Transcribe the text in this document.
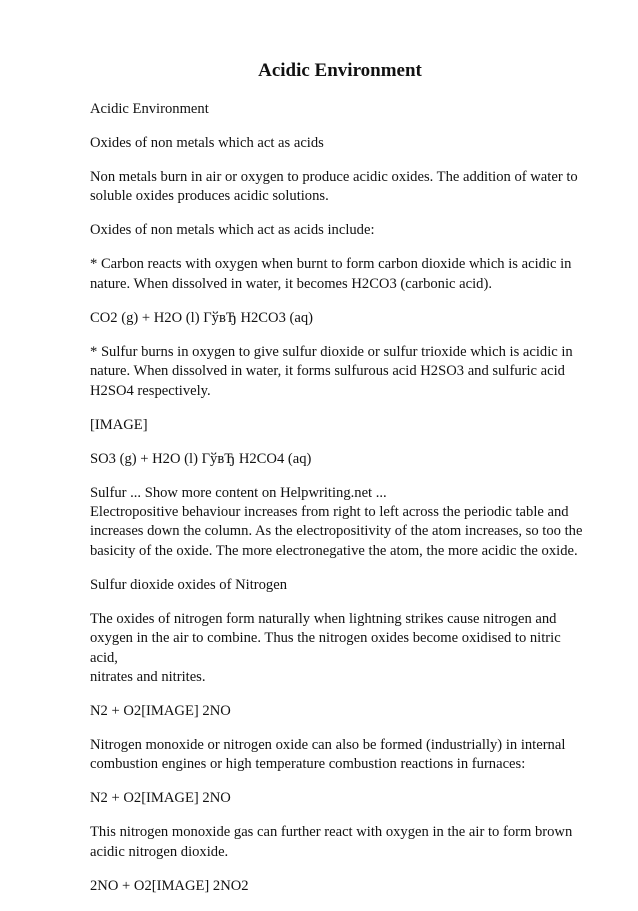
Acidic Environment
Acidic Environment
Oxides of non metals which act as acids
Non metals burn in air or oxygen to produce acidic oxides. The addition of water to
soluble oxides produces acidic solutions.
Oxides of non metals which act as acids include:
* Carbon reacts with oxygen when burnt to form carbon dioxide which is acidic in
nature. When dissolved in water, it becomes H2CO3 (carbonic acid).
CO2 (g) + H2O (l) ГўвЂ H2CO3 (aq)
* Sulfur burns in oxygen to give sulfur dioxide or sulfur trioxide which is acidic in
nature. When dissolved in water, it forms sulfurous acid H2SO3 and sulfuric acid
H2SO4 respectively.
[IMAGE]
SO3 (g) + H2O (l) ГўвЂ H2CO4 (aq)
Sulfur ... Show more content on Helpwriting.net ...
Electropositive behaviour increases from right to left across the periodic table and
increases down the column. As the electropositivity of the atom increases, so too the
basicity of the oxide. The more electronegative the atom, the more acidic the oxide.
Sulfur dioxide oxides of Nitrogen
The oxides of nitrogen form naturally when lightning strikes cause nitrogen and
oxygen in the air to combine. Thus the nitrogen oxides become oxidised to nitric acid,
nitrates and nitrites.
N2 + O2[IMAGE] 2NO
Nitrogen monoxide or nitrogen oxide can also be formed (industrially) in internal
combustion engines or high temperature combustion reactions in furnaces:
N2 + O2[IMAGE] 2NO
This nitrogen monoxide gas can further react with oxygen in the air to form brown
acidic nitrogen dioxide.
2NO + O2[IMAGE] 2NO2
